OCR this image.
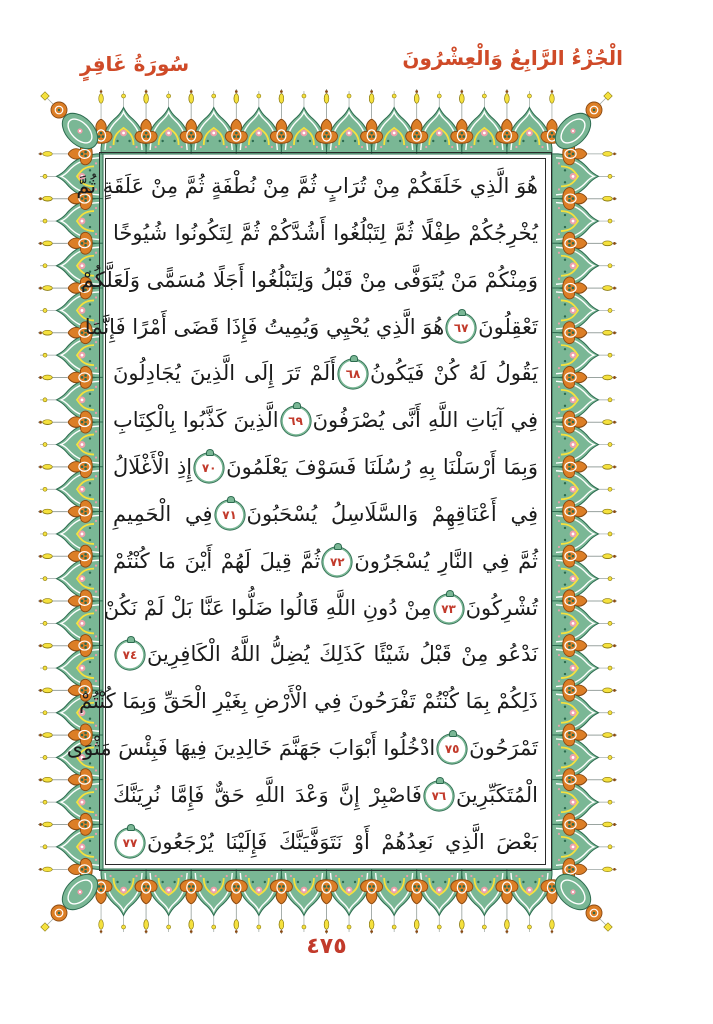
الْجُزْءُ الرَّابِعُ وَالْعِشْرُونَ
سُورَةُ غَافِرٍ
هُوَ الَّذِي خَلَقَكُمْ مِنْ تُرَابٍ ثُمَّ مِنْ نُطْفَةٍ ثُمَّ مِنْ عَلَقَةٍ ثُمَّ
يُخْرِجُكُمْ طِفْلًا ثُمَّ لِتَبْلُغُوا أَشُدَّكُمْ ثُمَّ لِتَكُونُوا شُيُوخًا
وَمِنْكُمْ مَنْ يُتَوَفَّى مِنْ قَبْلُ وَلِتَبْلُغُوا أَجَلًا مُسَمًّى وَلَعَلَّكُمْ
تَعْقِلُونَ٦٧هُوَ الَّذِي يُحْيِي وَيُمِيتُ فَإِذَا قَضَى أَمْرًا فَإِنَّمَا
يَقُولُ لَهُ كُنْ فَيَكُونُ٦٨أَلَمْ تَرَ إِلَى الَّذِينَ يُجَادِلُونَ
فِي آيَاتِ اللَّهِ أَنَّى يُصْرَفُونَ٦٩الَّذِينَ كَذَّبُوا بِالْكِتَابِ
وَبِمَا أَرْسَلْنَا بِهِ رُسُلَنَا فَسَوْفَ يَعْلَمُونَ٧٠إِذِ الْأَغْلَالُ
فِي أَعْنَاقِهِمْ وَالسَّلَاسِلُ يُسْحَبُونَ٧١فِي الْحَمِيمِ
ثُمَّ فِي النَّارِ يُسْجَرُونَ٧٢ثُمَّ قِيلَ لَهُمْ أَيْنَ مَا كُنْتُمْ
تُشْرِكُونَ٧٣مِنْ دُونِ اللَّهِ قَالُوا ضَلُّوا عَنَّا بَلْ لَمْ نَكُنْ
نَدْعُو مِنْ قَبْلُ شَيْئًا كَذَلِكَ يُضِلُّ اللَّهُ الْكَافِرِينَ٧٤
ذَلِكُمْ بِمَا كُنْتُمْ تَفْرَحُونَ فِي الْأَرْضِ بِغَيْرِ الْحَقِّ وَبِمَا كُنْتُمْ
تَمْرَحُونَ٧٥ادْخُلُوا أَبْوَابَ جَهَنَّمَ خَالِدِينَ فِيهَا فَبِئْسَ مَثْوَى
الْمُتَكَبِّرِينَ٧٦فَاصْبِرْ إِنَّ وَعْدَ اللَّهِ حَقٌّ فَإِمَّا نُرِيَنَّكَ
بَعْضَ الَّذِي نَعِدُهُمْ أَوْ نَتَوَفَّيَنَّكَ فَإِلَيْنَا يُرْجَعُونَ٧٧
٤٧٥
